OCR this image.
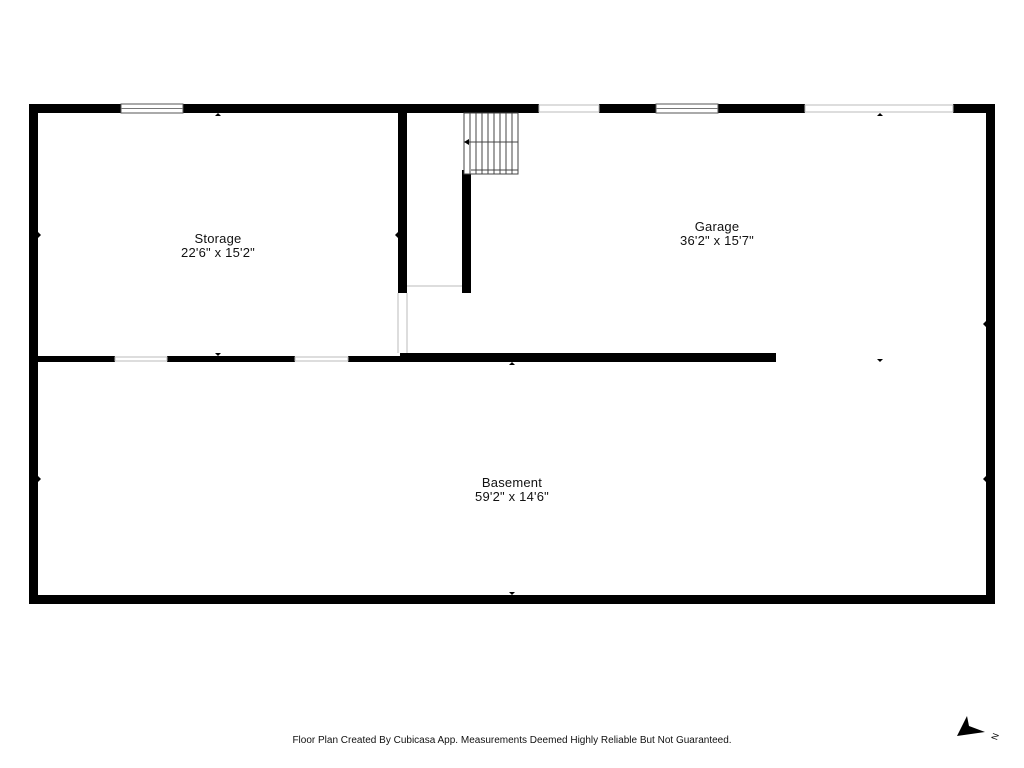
Storage
22'6" x 15'2"
Garage
36'2" x 15'7"
Basement
59'2" x 14'6"
Floor Plan Created By Cubicasa App. Measurements Deemed Highly Reliable But Not Guaranteed.	N
